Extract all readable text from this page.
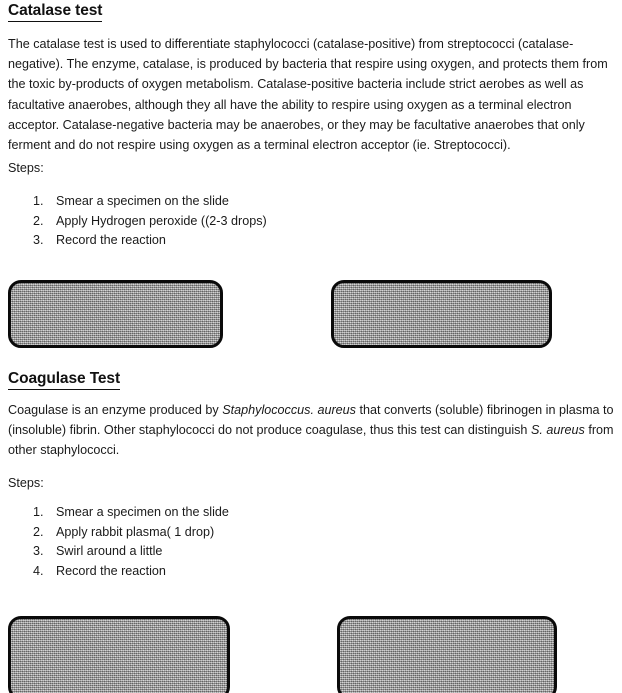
Catalase test
The catalase test is used to differentiate staphylococci (catalase-positive) from streptococci (catalase-negative). The enzyme, catalase, is produced by bacteria that respire using oxygen, and protects them from the toxic by-products of oxygen metabolism. Catalase-positive bacteria include strict aerobes as well as facultative anaerobes, although they all have the ability to respire using oxygen as a terminal electron acceptor. Catalase-negative bacteria may be anaerobes, or they may be facultative anaerobes that only ferment and do not respire using oxygen as a terminal electron acceptor (ie. Streptococci).
Steps:
1. Smear a specimen on the slide
2. Apply Hydrogen peroxide ((2-3 drops)
3. Record the reaction
Coagulase Test
Coagulase is an enzyme produced by Staphylococcus. aureus that converts (soluble) fibrinogen in plasma to (insoluble) fibrin. Other staphylococci do not produce coagulase, thus this test can distinguish S. aureus from other staphylococci.
Steps:
1. Smear a specimen on the slide
2. Apply rabbit plasma( 1 drop)
3. Swirl around a little
4. Record the reaction
